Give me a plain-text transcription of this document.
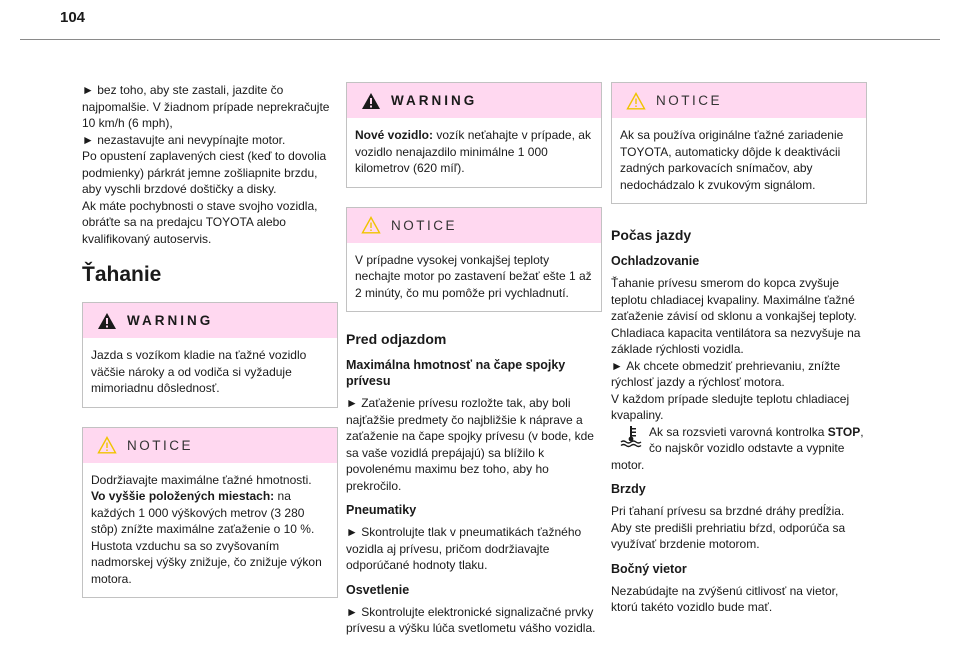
104

► bez toho, aby ste zastali, jazdite čo najpomalšie. V žiadnom prípade neprekračujte 10 km/h (6 mph),

► nezastavujte ani nevypínajte motor.

Po opustení zaplavených ciest (keď to dovolia podmienky) párkrát jemne zošliapnite brzdu, aby vyschli brzdové doštičky a disky.

Ak máte pochybnosti o stave svojho vozidla, obráťte sa na predajcu TOYOTA alebo kvalifikovaný autoservis.

Ťahanie
WARNING

Jazda s vozíkom kladie na ťažné vozidlo väčšie nároky a od vodiča si vyžaduje mimoriadnu dôslednosť.

NOTICE

Dodržiavajte maximálne ťažné hmotnosti.

Vo vyššie položených miestach: na každých 1 000 výškových metrov (3 280 stôp) znížte maximálne zaťaženie o 10 %. Hustota vzduchu sa so zvyšovaním nadmorskej výšky znižuje, čo znižuje výkon motora.

WARNING

Nové vozidlo: vozík neťahajte v prípade, ak vozidlo nenajazdilo minimálne 1 000 kilometrov (620 míľ).

NOTICE

V prípadne vysokej vonkajšej teploty nechajte motor po zastavení bežať ešte 1 až 2 minúty, čo mu pomôže pri vychladnutí.

Pred odjazdom
Maximálna hmotnosť na čape spojky prívesu

► Zaťaženie prívesu rozložte tak, aby boli najťažšie predmety čo najbližšie k náprave a zaťaženie na čape spojky prívesu (v bode, kde sa vaše vozidlá prepájajú) sa blížilo k povolenému maximu bez toho, aby ho prekročilo.

Pneumatiky

► Skontrolujte tlak v pneumatikách ťažného vozidla aj prívesu, pričom dodržiavajte odporúčané hodnoty tlaku.

Osvetlenie

► Skontrolujte elektronické signalizačné prvky prívesu a výšku lúča svetlometu vášho vozidla.

NOTICE

Ak sa používa originálne ťažné zariadenie TOYOTA, automaticky dôjde k deaktivácii zadných parkovacích snímačov, aby nedochádzalo k zvukovým signálom.

Počas jazdy
Ochladzovanie

Ťahanie prívesu smerom do kopca zvyšuje teplotu chladiacej kvapaliny. Maximálne ťažné zaťaženie závisí od sklonu a vonkajšej teploty. Chladiaca kapacita ventilátora sa nezvyšuje na základe rýchlosti vozidla.

► Ak chcete obmedziť prehrievaniu, znížte rýchlosť jazdy a rýchlosť motora.

V každom prípade sledujte teplotu chladiacej kvapaliny.

Ak sa rozsvieti varovná kontrolka STOP, čo najskôr vozidlo odstavte a vypnite motor.

Brzdy

Pri ťahaní prívesu sa brzdné dráhy predĺžia. Aby ste predišli prehriatiu bŕzd, odporúča sa využívať brzdenie motorom.

Bočný vietor

Nezabúdajte na zvýšenú citlivosť na vietor, ktorú takéto vozidlo bude mať.
